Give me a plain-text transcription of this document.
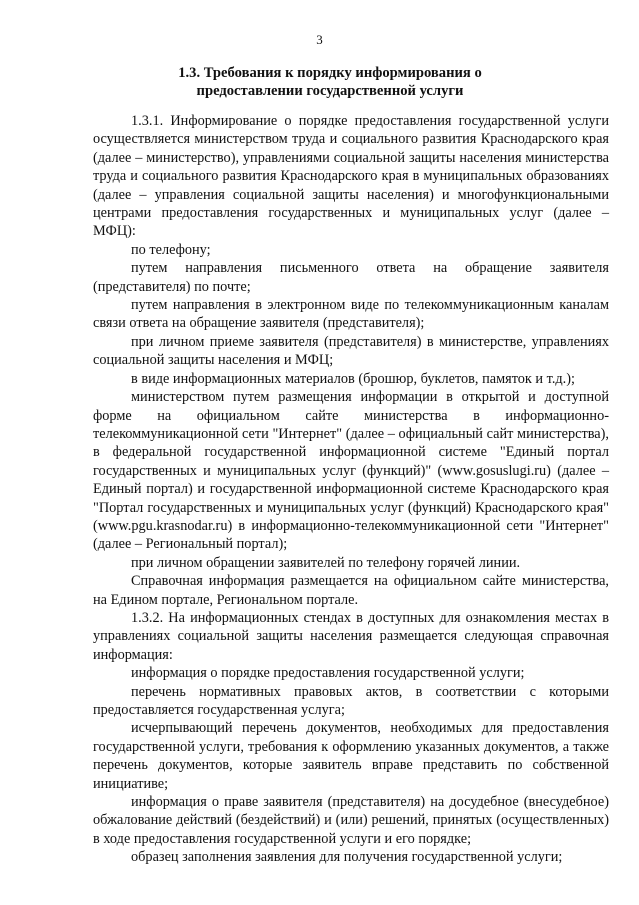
3
1.3. Требования к порядку информирования о
предоставлении государственной услуги

1.3.1. Информирование о порядке предоставления государственной услуги осуществляется министерством труда и социального развития Краснодарского края (далее – министерство), управлениями социальной защиты населения министерства труда и социального развития Краснодарского края в муниципальных образованиях (далее – управления социальной защиты населения) и многофункциональными центрами предоставления государственных и муниципальных услуг (далее – МФЦ):

по телефону;

путем направления письменного ответа на обращение заявителя (представителя) по почте;

путем направления в электронном виде по телекоммуникационным каналам связи ответа на обращение заявителя (представителя);

при личном приеме заявителя (представителя) в министерстве, управлениях социальной защиты населения и МФЦ;

в виде информационных материалов (брошюр, буклетов, памяток и т.д.);

министерством путем размещения информации в открытой и доступной форме на официальном сайте министерства в информационно-телекоммуникационной сети "Интернет" (далее – официальный сайт министерства), в федеральной государственной информационной системе "Единый портал государственных и муниципальных услуг (функций)" (www.gosuslugi.ru) (далее – Единый портал) и государственной информационной системе Краснодарского края "Портал государственных и муниципальных услуг (функций) Краснодарского края" (www.pgu.krasnodar.ru) в информационно-телекоммуникационной сети "Интернет" (далее – Региональный портал);

при личном обращении заявителей по телефону горячей линии.

Справочная информация размещается на официальном сайте министерства, на Едином портале, Региональном портале.

1.3.2. На информационных стендах в доступных для ознакомления местах в управлениях социальной защиты населения размещается следующая справочная информация:

информация о порядке предоставления государственной услуги;

перечень нормативных правовых актов, в соответствии с которыми предоставляется государственная услуга;

исчерпывающий перечень документов, необходимых для предоставления государственной услуги, требования к оформлению указанных документов, а также перечень документов, которые заявитель вправе представить по собственной инициативе;

информация о праве заявителя (представителя) на досудебное (внесудебное) обжалование действий (бездействий) и (или) решений, принятых (осуществленных) в ходе предоставления государственной услуги и его порядке;

образец заполнения заявления для получения государственной услуги;
